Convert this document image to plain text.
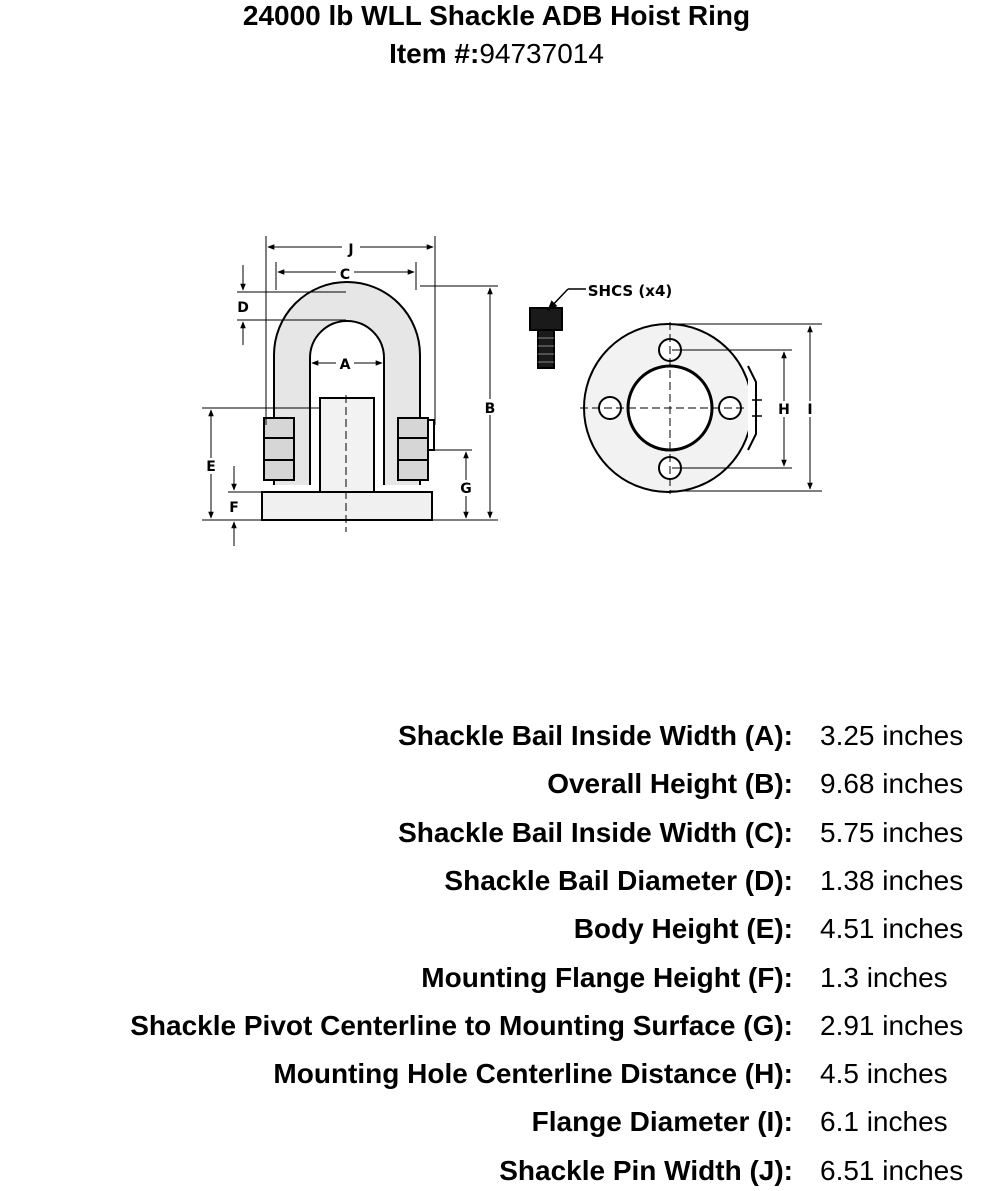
24000 lb WLL Shackle ADB Hoist Ring
Item #:94737014
J
C
A
D
B
E
F
G
H I
SHCS (x4)
Shackle Bail Inside Width (A): 3.25 inches
Overall Height (B): 9.68 inches
Shackle Bail Inside Width (C): 5.75 inches
Shackle Bail Diameter (D): 1.38 inches
Body Height (E): 4.51 inches
Mounting Flange Height (F): 1.3 inches
Shackle Pivot Centerline to Mounting Surface (G): 2.91 inches
Mounting Hole Centerline Distance (H): 4.5 inches
Flange Diameter (I): 6.1 inches
Shackle Pin Width (J): 6.51 inches
